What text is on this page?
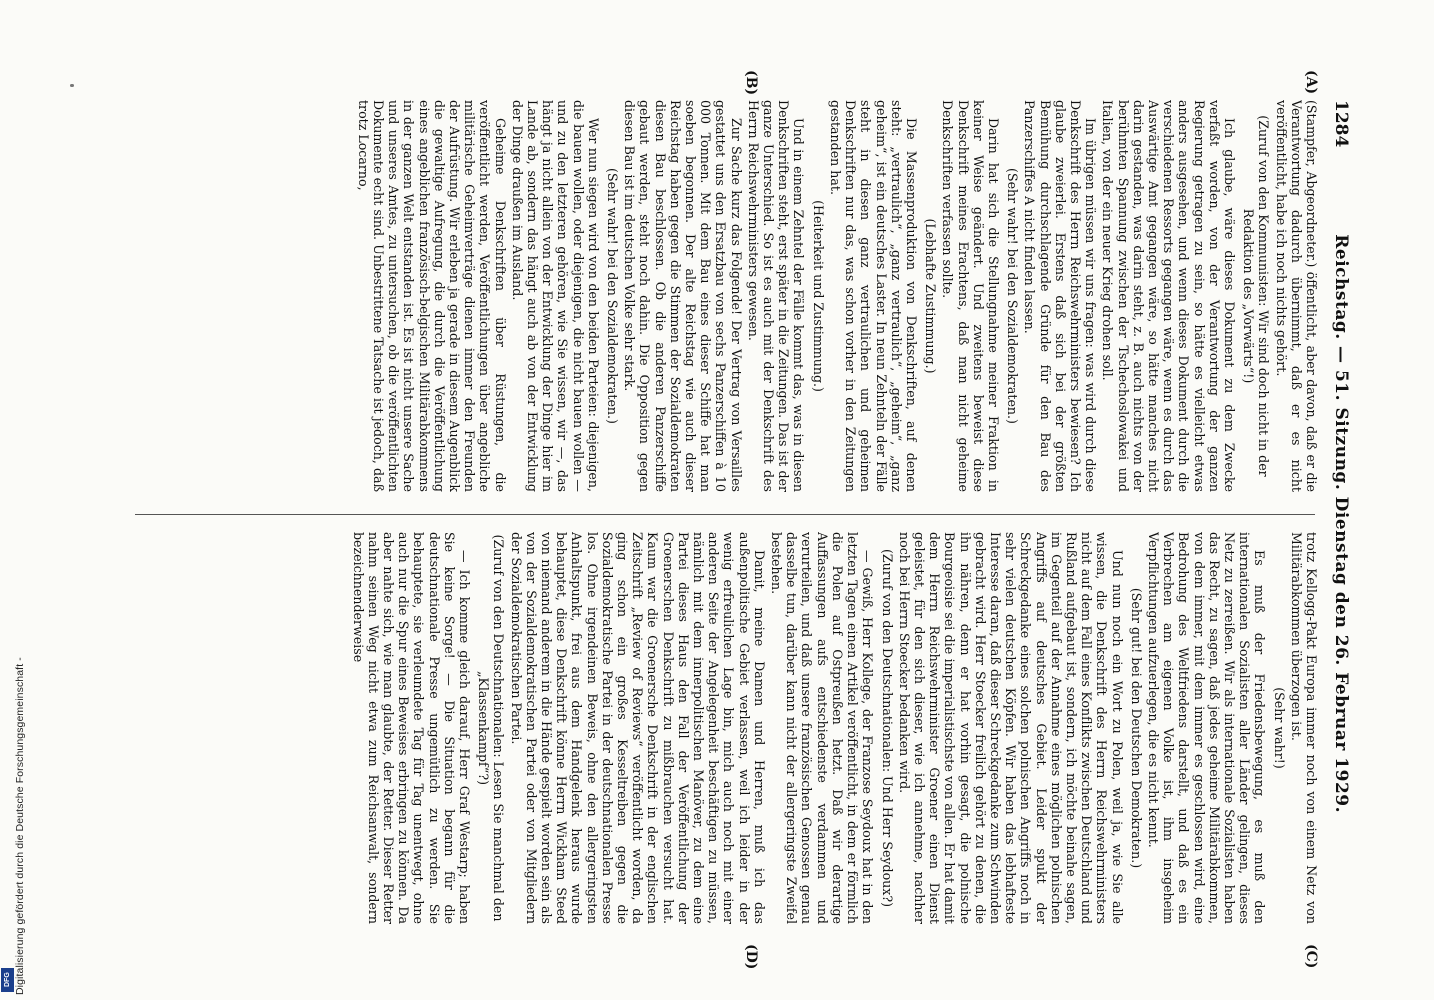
Digitalisierung gefördert durch die Deutsche Forschungsgemeinschaft -
DFG
1284
Reichstag. — 51. Sitzung. Dienstag den 26. Februar 1929.
(A)
(B)
(C)
(D)

(Stampfer, Abgeordneter.) öffentlicht, aber davon, daß er die Verantwortung dadurch übernimmt, daß er es nicht veröffentlicht, habe ich noch nichts gehört.

(Zuruf von den Kommunisten: Wir sind doch nicht in der Redaktion des „Vorwärts“!)

Ich glaube, wäre dieses Dokument zu dem Zwecke verfaßt worden, von der Verantwortung der ganzen Regierung getragen zu sein, so hätte es vielleicht etwas anders ausgesehen, und wenn dieses Dokument durch die verschiedenen Ressorts gegangen wäre, wenn es durch das Auswärtige Amt gegangen wäre, so hätte manches nicht darin gestanden, was darin steht, z. B. auch nichts von der berühmten Spannung zwischen der Tschechoslowakei und Italien, von der ein neuer Krieg drohen soll.

Im übrigen müssen wir uns fragen: was wird durch diese Denkschrift des Herrn Reichswehrministers bewiesen? Ich glaube zweierlei. Erstens daß sich bei der größten Bemühung durchschlagende Gründe für den Bau des Panzerschiffes A nicht finden lassen.

(Sehr wahr! bei den Sozialdemokraten.)

Darin hat sich die Stellungnahme meiner Fraktion in keiner Weise geändert. Und zweitens beweist diese Denkschrift meines Erachtens, daß man nicht geheime Denkschriften verfassen sollte.

(Lebhafte Zustimmung.)

Die Massenproduktion von Denkschriften, auf denen steht: „vertraulich“, „ganz vertraulich“, „geheim“, „ganz geheim“, ist ein deutsches Laster. In neun Zehnteln der Fälle steht in diesen ganz vertraulichen und geheimen Denkschriften nur das, was schon vorher in den Zeitungen gestanden hat.

(Heiterkeit und Zustimmung.)

Und in einem Zehntel der Fälle kommt das, was in diesen Denkschriften steht, erst später in die Zeitungen. Das ist der ganze Unterschied. So ist es auch mit der Denkschrift des Herrn Reichswehrministers gewesen.

Zur Sache kurz das Folgende! Der Vertrag von Versailles gestattet uns den Ersatzbau von sechs Panzerschiffen à 10 000 Tonnen. Mit dem Bau eines dieser Schiffe hat man soeben begonnen. Der alte Reichstag wie auch dieser Reichstag haben gegen die Stimmen der Sozialdemokraten diesen Bau beschlossen. Ob die anderen Panzerschiffe gebaut werden, steht noch dahin. Die Opposition gegen diesen Bau ist im deutschen Volke sehr stark.

(Sehr wahr! bei den Sozialdemokraten.)

Wer nun siegen wird von den beiden Parteien: diejenigen, die bauen wollen, oder diejenigen, die nicht bauen wollen — und zu den letzteren gehören, wie Sie wissen, wir —, das hängt ja nicht allein von der Entwicklung der Dinge hier im Lande ab, sondern das hängt auch ab von der Entwicklung der Dinge draußen im Ausland.

Geheime Denkschriften über Rüstungen, die veröffentlicht werden, Veröffentlichungen über angebliche militärische Geheimverträge dienen immer den Freunden der Aufrüstung. Wir erleben ja gerade in diesem Augenblick die gewaltige Aufregung, die durch die Veröffentlichung eines angeblichen französisch-belgischen Militärabkommens in der ganzen Welt entstanden ist. Es ist nicht unsere Sache und unseres Amtes, zu untersuchen, ob die veröffentlichten Dokumente echt sind. Unbestrittene Tatsache ist jedoch, daß trotz Locarno,

trotz Kellogg-Pakt Europa immer noch von einem Netz von Militärabkommen überzogen ist.

(Sehr wahr!)

Es muß der Friedensbewegung, es muß den internationalen Sozialisten aller Länder gelingen, dieses Netz zu zerreißen. Wir als internationale Sozialisten haben das Recht, zu sagen, daß jedes geheime Militärabkommen, von dem immer, mit dem immer es geschlossen wird, eine Bedrohung des Weltfriedens darstellt, und daß es ein Verbrechen am eigenen Volke ist, ihm insgeheim Verpflichtungen aufzuerlegen, die es nicht kennt.

(Sehr gut! bei den Deutschen Demokraten.)

Und nun noch ein Wort zu Polen, weil ja, wie Sie alle wissen, die Denkschrift des Herrn Reichswehrministers nicht auf dem Fall eines Konflikts zwischen Deutschland und Rußland aufgebaut ist, sondern, ich möchte beinahe sagen, im Gegenteil auf der Annahme eines möglichen polnischen Angriffs auf deutsches Gebiet. Leider spukt der Schreckgedanke eines solchen polnischen Angriffs noch in sehr vielen deutschen Köpfen. Wir haben das lebhafteste Interesse daran, daß dieser Schreckgedanke zum Schwinden gebracht wird. Herr Stoecker freilich gehört zu denen, die ihn nähren, denn er hat vorhin gesagt, die polnische Bourgeoisie sei die imperialistischste von allen. Er hat damit dem Herrn Reichswehrminister Groener einen Dienst geleistet, für den sich dieser, wie ich annehme, nachher noch bei Herrn Stoecker bedanken wird.

(Zuruf von den Deutschnationalen: Und Herr Seydoux?)

— Gewiß, Herr Kollege, der Franzose Seydoux hat in den letzten Tagen einen Artikel veröffentlicht, in dem er förmlich die Polen auf Ostpreußen hetzt. Daß wir derartige Auffassungen aufs entschiedenste verdammen und verurteilen, und daß unsere französischen Genossen genau dasselbe tun, darüber kann nicht der allergeringste Zweifel bestehen.

Damit, meine Damen und Herren, muß ich das außenpolitische Gebiet verlassen, weil ich leider in der wenig erfreulichen Lage bin, mich auch noch mit einer anderen Seite der Angelegenheit beschäftigen zu müssen, nämlich mit dem innerpolitischen Manöver, zu dem eine Partei dieses Haus den Fall der Veröffentlichung der Groenerschen Denkschrift zu mißbrauchen versucht hat. Kaum war die Groenersche Denkschrift in der englischen Zeitschrift „Review of Reviews“ veröffentlicht worden, da ging schon ein großes Kesseltreiben gegen die Sozialdemokratische Partei in der deutschnationalen Presse los. Ohne irgendeinen Beweis, ohne den allergeringsten Anhaltspunkt, frei aus dem Handgelenk heraus wurde behauptet, diese Denkschrift könne Herrn Wickham Steed von niemand anderem in die Hände gespielt worden sein als von der Sozialdemokratischen Partei oder von Mitgliedern der Sozialdemokratischen Partei.

(Zuruf von den Deutschnationalen: Lesen Sie manchmal den „Klassenkampf“?)

— Ich komme gleich darauf, Herr Graf Westarp; haben Sie keine Sorge! — Die Situation begann für die deutschnationale Presse ungemütlich zu werden. Sie behauptete, sie verleumdete Tag für Tag unentwegt, ohne auch nur die Spur eines Beweises erbringen zu können. Da aber nahte sich, wie man glaubte, der Retter. Dieser Retter nahm seinen Weg nicht etwa zum Reichsanwalt, sondern bezeichnenderweise
